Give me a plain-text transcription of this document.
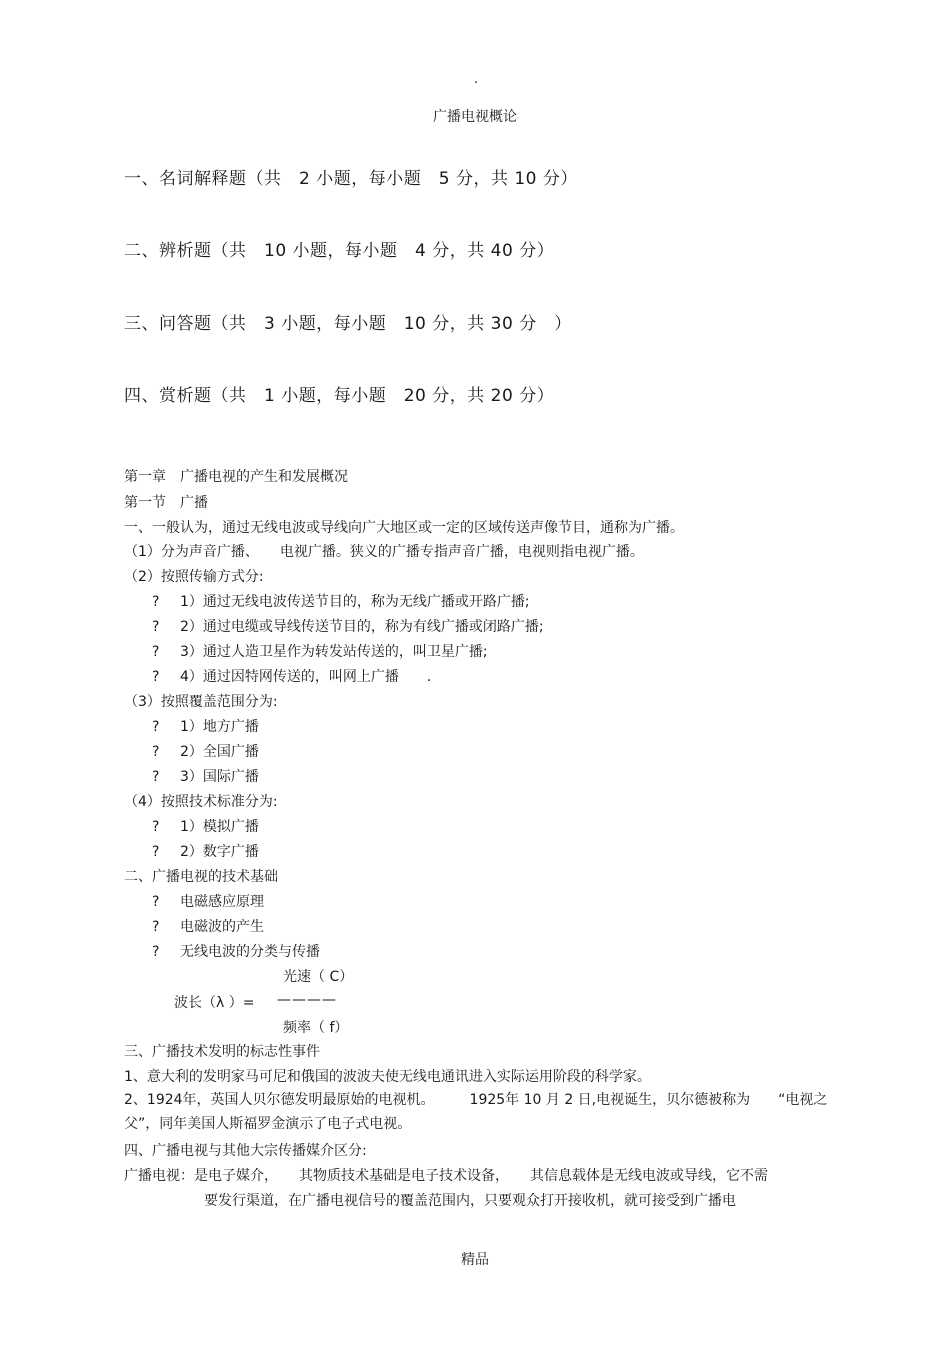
.
广播电视概论
一、名词解释题（共　2 小题，每小题　5 分，共 10 分）
二、辨析题（共　10 小题，每小题　4 分，共 40 分）
三、问答题（共　3 小题，每小题　10 分，共 30 分　）
四、赏析题（共　1 小题，每小题　20 分，共 20 分）
第一章　广播电视的产生和发展概况
第一节　广播
一、一般认为，通过无线电波或导线向广大地区或一定的区域传送声像节目，通称为广播。
（1）分为声音广播、　　电视广播。狭义的广播专指声音广播，电视则指电视广播。
（2）按照传输方式分:
? 1）通过无线电波传送节目的，称为无线广播或开路广播;
? 2）通过电缆或导线传送节目的，称为有线广播或闭路广播;
? 3）通过人造卫星作为转发站传送的，叫卫星广播;
? 4）通过因特网传送的，叫网上广播　　.
（3）按照覆盖范围分为:
? 1）地方广播
? 2）全国广播
? 3）国际广播
（4）按照技术标准分为:
? 1）模拟广播
? 2）数字广播
二、广播电视的技术基础
? 电磁感应原理
? 电磁波的产生
? 无线电波的分类与传播
光速（ C）
波长（λ ）= ————
频率（ f）
三、广播技术发明的标志性事件
1、意大利的发明家马可尼和俄国的波波夫使无线电通讯进入实际运用阶段的科学家。
2、1924年，英国人贝尔德发明最原始的电视机。　　　1925年 10 月 2 日,电视诞生，贝尔德被称为　　“电视之父”，同年美国人斯福罗金演示了电子式电视。
四、广播电视与其他大宗传播媒介区分:
广播电视：是电子媒介，　　其物质技术基础是电子技术设备，　　其信息载体是无线电波或导线，它不需
要发行渠道，在广播电视信号的覆盖范围内，只要观众打开接收机，就可接受到广播电
精品
